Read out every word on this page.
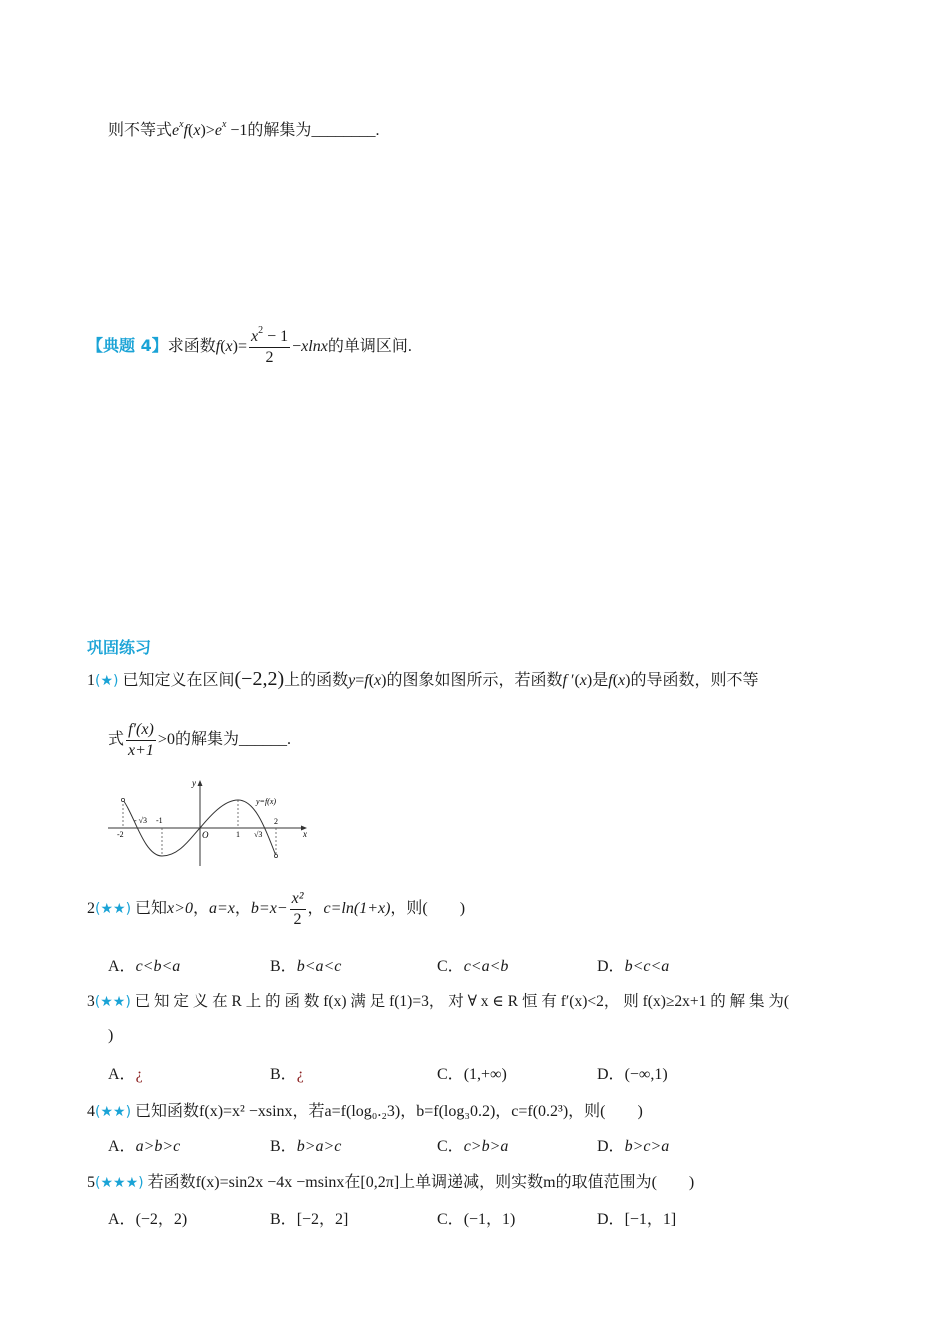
则不等式$e^xf(x)>e^x -1$的解集为________.
【典题 4】求函数$f(x)= \frac{x^2 - 1}{2} -xlnx$的单调区间.
巩固练习
1(★) 已知定义在区间(−2,2)上的函数y=f(x)的图象如图所示，若函数f ′(x)是f(x)的导函数，则不等
式 $\frac{f'(x)}{x+1} >0$的解集为______.
y
x
y=f(x)
O
-2
- √3 -1
1 √3
2
2(★★) 已知x>0，a=x，$b=x- \frac{\text{x²}}{2}$ ，c=ln(1+x)，则(　　)
A．c<b<a	B．b<a<c	C．c<a<b	D．b<c<a
3(★★) 已 知 定 义 在 R 上 的 函 数 f(x) 满 足 f(1)=3， 对 ∀ x ∈ R 恒 有 f′(x)<2， 则 f(x)≥2x+1 的 解 集 为(
)
A．¿	B．¿	C．(1,+∞)	D．(−∞,1)
4(★★) 已知函数f(x)=x² −xsinx，若a=f(log₀.₂3)，b=f(log₃0.2)，c=f(0.2³)，则(　　)
A．a>b>c	B．b>a>c	C．c>b>a	D．b>c>a
5(★★★) 若函数f(x)=sin2x −4x −msinx在[0,2π]上单调递减，则实数m的取值范围为(　　)
A．(−2，2)	B．[−2，2]	C．(−1，1)	D．[−1，1]
